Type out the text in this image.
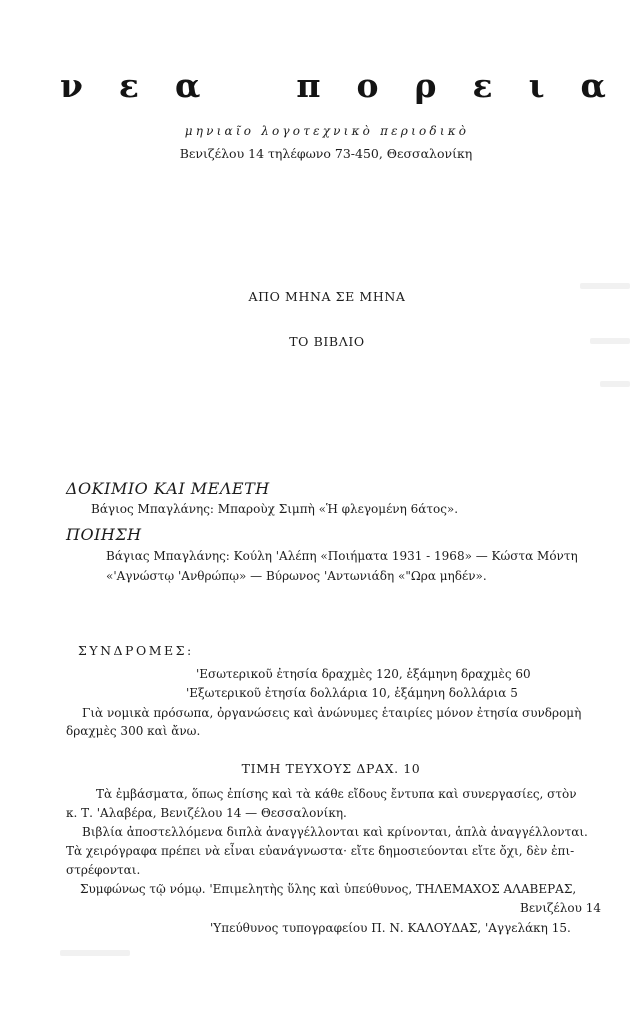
ν ε α	π ο ρ ε ι α
μηνιαῖο λογοτεχνικὸ περιοδικὸ
Βενιζέλου 14 τηλέφωνο 73-450, Θεσσαλονίκη
ΑΠΟ ΜΗΝΑ ΣΕ ΜΗΝΑ
ΤΟ ΒΙΒΛΙΟ
ΔΟΚΙΜΙΟ ΚΑΙ ΜΕΛΕΤΗ
Βάγιος Μπαγλάνης: Μπαροὺχ Σιμπὴ «Ἡ φλεγομένη 6άτος».
ΠΟΙΗΣΗ
Βάγιας Μπαγλάνης: Κούλη 'Αλέπη «Ποιήματα 1931 - 1968» — Κώστα Μόντη
«'Αγνώστῳ 'Ανθρώπῳ» — Βύρωνος 'Αντωνιάδη «"Ωρα μηδέν».
ΣΥΝΔΡΟΜΕΣ:
'Εσωτερικοῦ ἐτησία δραχμὲς 120, ἑξάμηνη δραχμὲς 60
'Εξωτερικοῦ ἐτησία δολλάρια 10, ἑξάμηνη δολλάρια 5
Γιὰ νομικὰ πρόσωπα, ὀργανώσεις καὶ ἀνώνυμες ἑταιρίες μόνον ἐτησία συνδρομὴ
δραχμὲς 300 καὶ ἄνω.
ΤΙΜΗ ΤΕΥΧΟΥΣ ΔΡΑΧ. 10
Τὰ ἐμβάσματα, ὅπως ἐπίσης καὶ τὰ κάθε εἴδους ἔντυπα καὶ συνεργασίες, στὸν
κ. Τ. 'Αλαβέρα, Βενιζέλου 14 — Θεσσαλονίκη.
Βιβλία ἀποστελλόμενα διπλὰ ἀναγγέλλονται καὶ κρίνονται, ἁπλὰ ἀναγγέλλονται.
Τὰ χειρόγραφα πρέπει νὰ εἶναι εὐανάγνωστα· εἴτε δημοσιεύονται εἴτε ὄχι, δὲν ἐπι-
στρέφονται.
Συμφώνως τῷ νόμῳ. 'Επιμελητὴς ὕλης καὶ ὑπεύθυνος, ΤΗΛΕΜΑΧΟΣ ΑΛΑΒΕΡΑΣ,
Βενιζέλου 14
'Υπεύθυνος τυπογραφείου Π. Ν. ΚΑΛΟΥΔΑΣ, 'Αγγελάκη 15.
